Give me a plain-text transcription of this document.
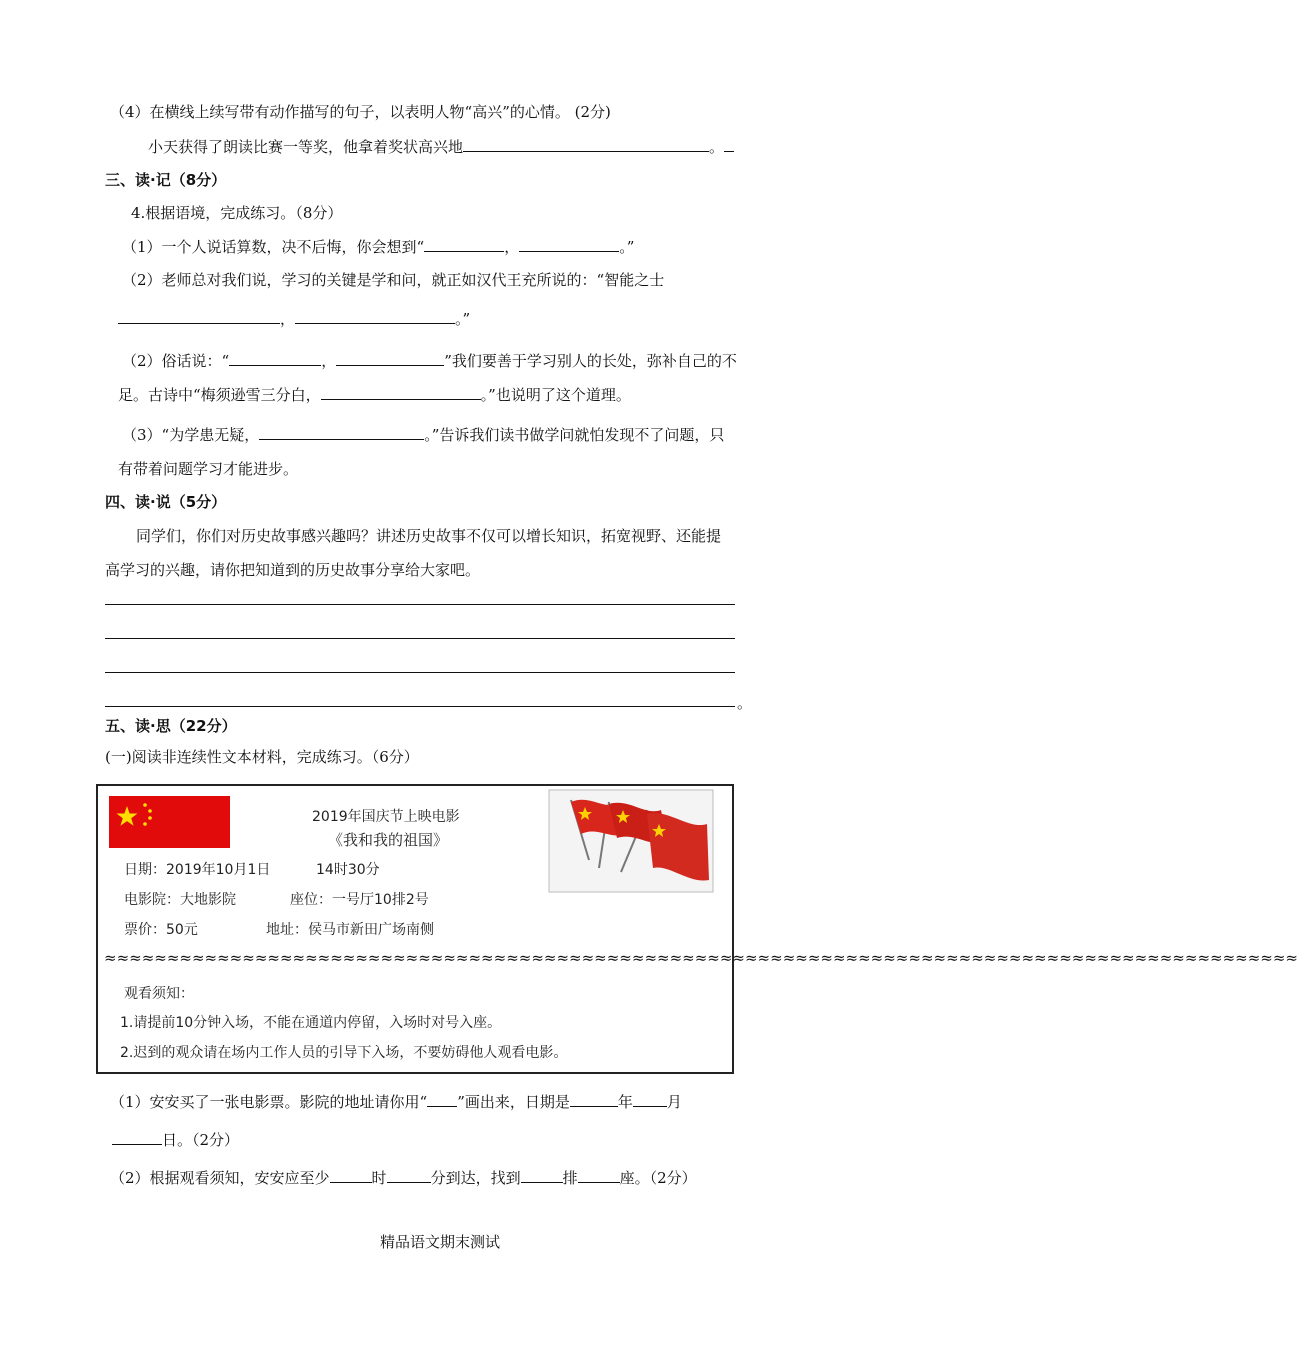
（4）在横线上续写带有动作描写的句子，以表明人物“高兴”的心情。 (2分)
小天获得了朗读比赛一等奖，他拿着奖状高兴地	。
三、读·记（8分）
4.根据语境，完成练习。（8分）
（1）一个人说话算数，决不后悔，你会想到“	，	。”
（2）老师总对我们说，学习的关键是学和问，就正如汉代王充所说的：“智能之士
，	。”
（2）俗话说：“	，	”我们要善于学习别人的长处，弥补自己的不
足。古诗中“梅须逊雪三分白，	。”也说明了这个道理。
（3）“为学患无疑，	。”告诉我们读书做学问就怕发现不了问题，只
有带着问题学习才能进步。
四、读·说（5分）
同学们，你们对历史故事感兴趣吗？讲述历史故事不仅可以增长知识，拓宽视野、还能提
高学习的兴趣，请你把知道到的历史故事分享给大家吧。
。
五、读·思（22分）
(一)阅读非连续性文本材料，完成练习。（6分）
2019年国庆节上映电影
《我和我的祖国》
日期：2019年10月1日	14时30分
电影院：大地影院	座位：一号厅10排2号
票价：50元	地址：侯马市新田广场南侧
≈≈≈≈≈≈≈≈≈≈≈≈≈≈≈≈≈≈≈≈≈≈≈≈≈≈≈≈≈≈≈≈≈≈≈≈≈≈≈≈≈≈≈≈≈≈≈≈≈≈≈≈≈≈≈≈≈≈≈≈≈≈≈≈≈≈≈≈≈≈≈≈≈≈≈≈≈≈≈≈≈≈≈≈≈≈≈≈≈≈≈≈≈≈≈
观看须知：
1.请提前10分钟入场，不能在通道内停留，入场时对号入座。
2.迟到的观众请在场内工作人员的引导下入场，不要妨碍他人观看电影。
（1）安安买了一张电影票。影院的地址请你用“ ”画出来，日期是	年 月
日。（2分）
（2）根据观看须知，安安应至少	时	分到达，找到	排	座。（2分）
精品语文期末测试
